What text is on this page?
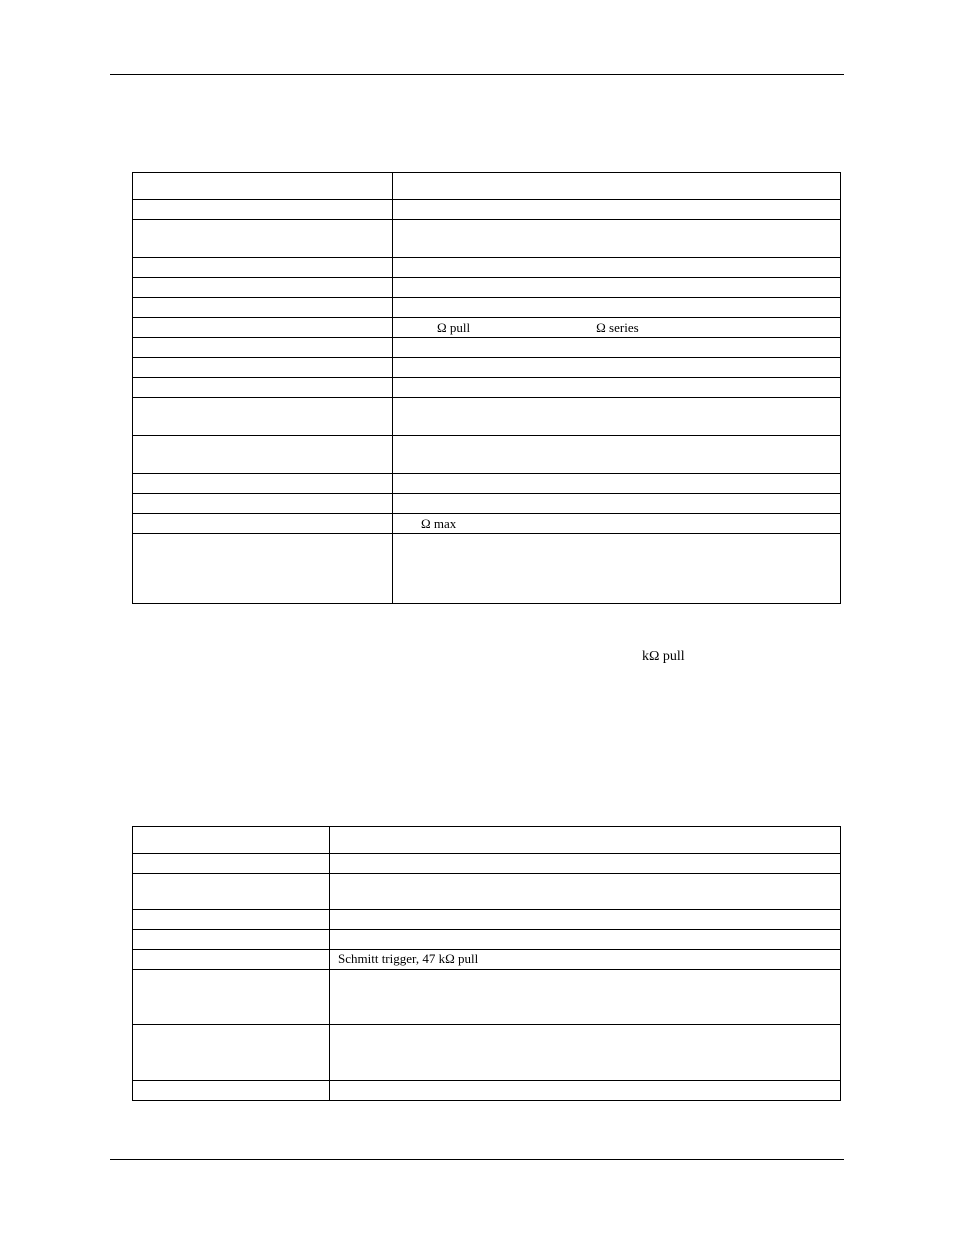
	Ω pull Ω series

	Ω max

kΩ pull

	Schmitt trigger, 47 kΩ pull
